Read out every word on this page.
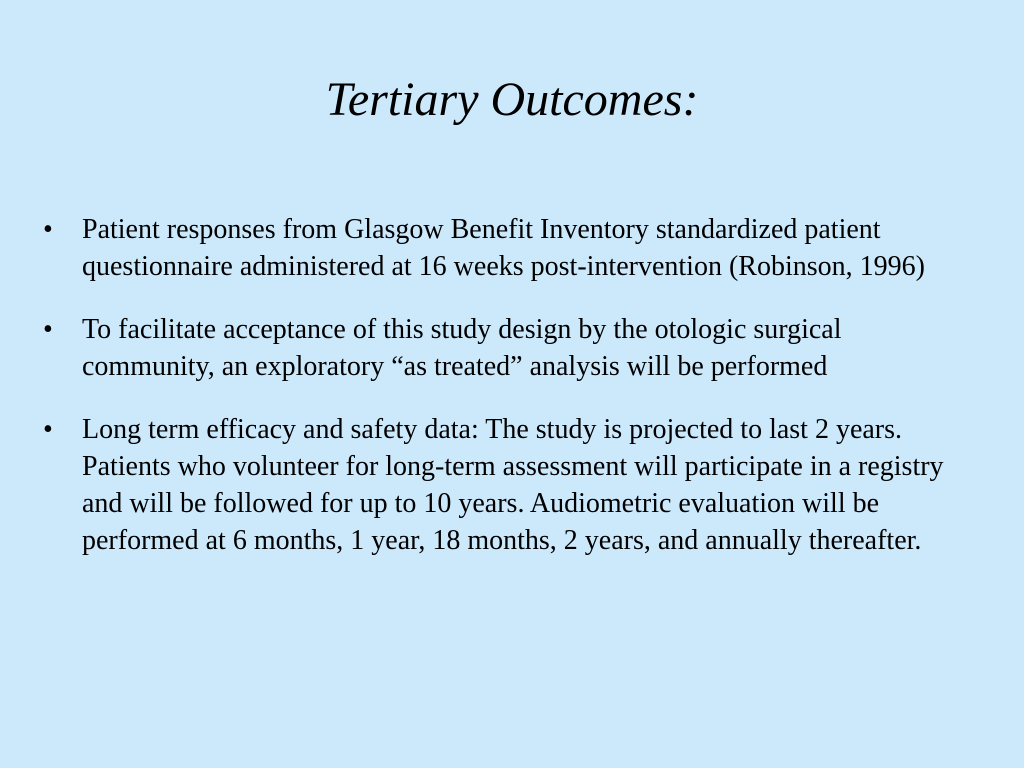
Tertiary Outcomes:
• Patient responses from Glasgow Benefit Inventory standardized patient questionnaire administered at 16 weeks post-intervention (Robinson, 1996)
• To facilitate acceptance of this study design by the otologic surgical community, an exploratory “as treated” analysis will be performed
• Long term efficacy and safety data: The study is projected to last 2 years. Patients who volunteer for long-term assessment will participate in a registry and will be followed for up to 10 years. Audiometric evaluation will be performed at 6 months, 1 year, 18 months, 2 years, and annually thereafter.
